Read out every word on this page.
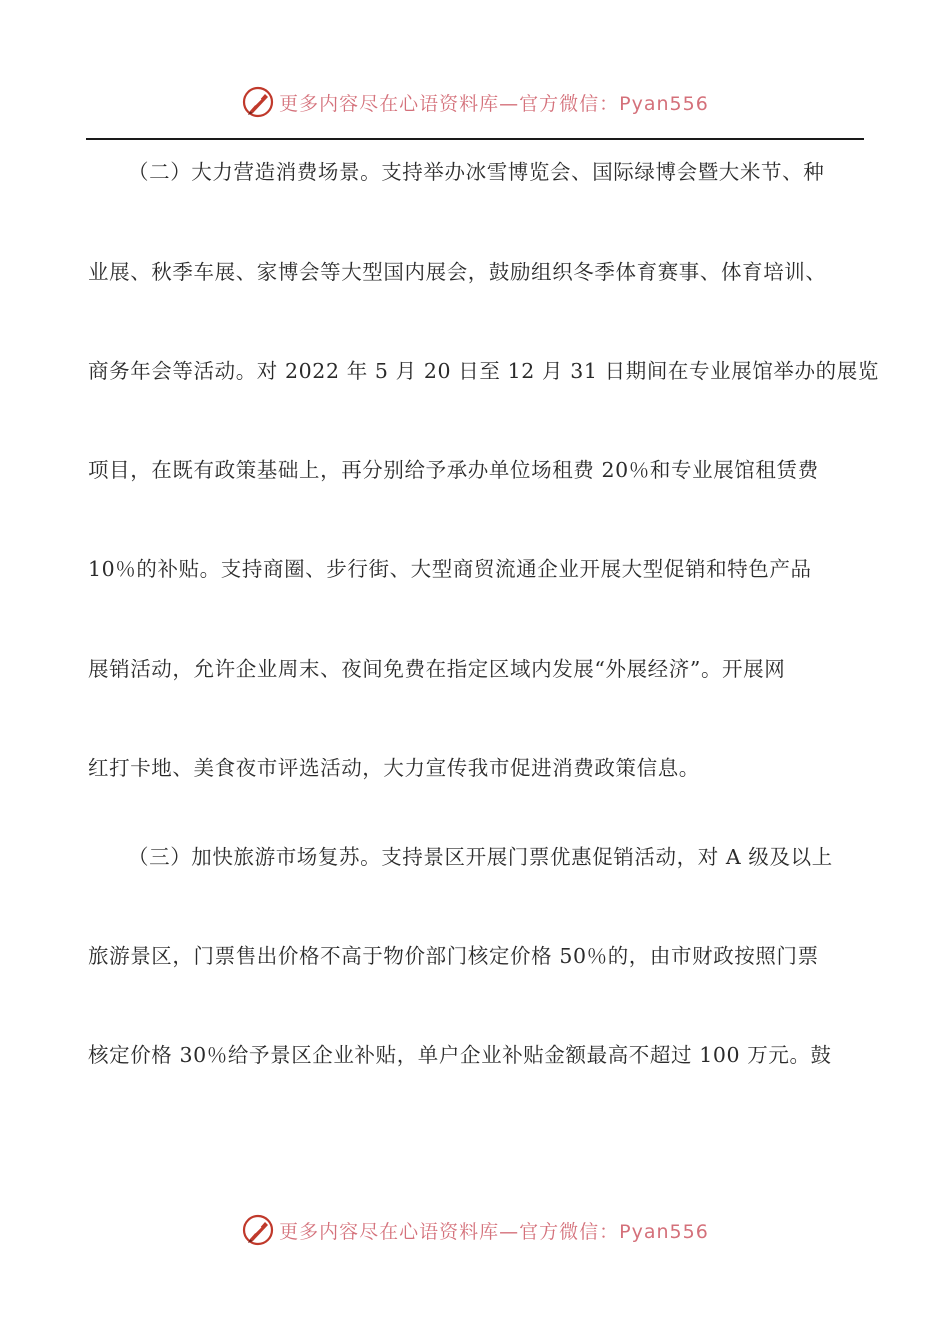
更多内容尽在心语资料库—官方微信：Pyan556
（二）大力营造消费场景。支持举办冰雪博览会、国际绿博会暨大米节、种
业展、秋季车展、家博会等大型国内展会，鼓励组织冬季体育赛事、体育培训、
商务年会等活动。对 2022 年 5 月 20 日至 12 月 31 日期间在专业展馆举办的展览
项目，在既有政策基础上，再分别给予承办单位场租费 20％和专业展馆租赁费
10％的补贴。支持商圈、步行街、大型商贸流通企业开展大型促销和特色产品
展销活动，允许企业周末、夜间免费在指定区域内发展“外展经济”。开展网
红打卡地、美食夜市评选活动，大力宣传我市促进消费政策信息。
（三）加快旅游市场复苏。支持景区开展门票优惠促销活动，对 A 级及以上
旅游景区，门票售出价格不高于物价部门核定价格 50％的，由市财政按照门票
核定价格 30％给予景区企业补贴，单户企业补贴金额最高不超过 100 万元。鼓
更多内容尽在心语资料库—官方微信：Pyan556
